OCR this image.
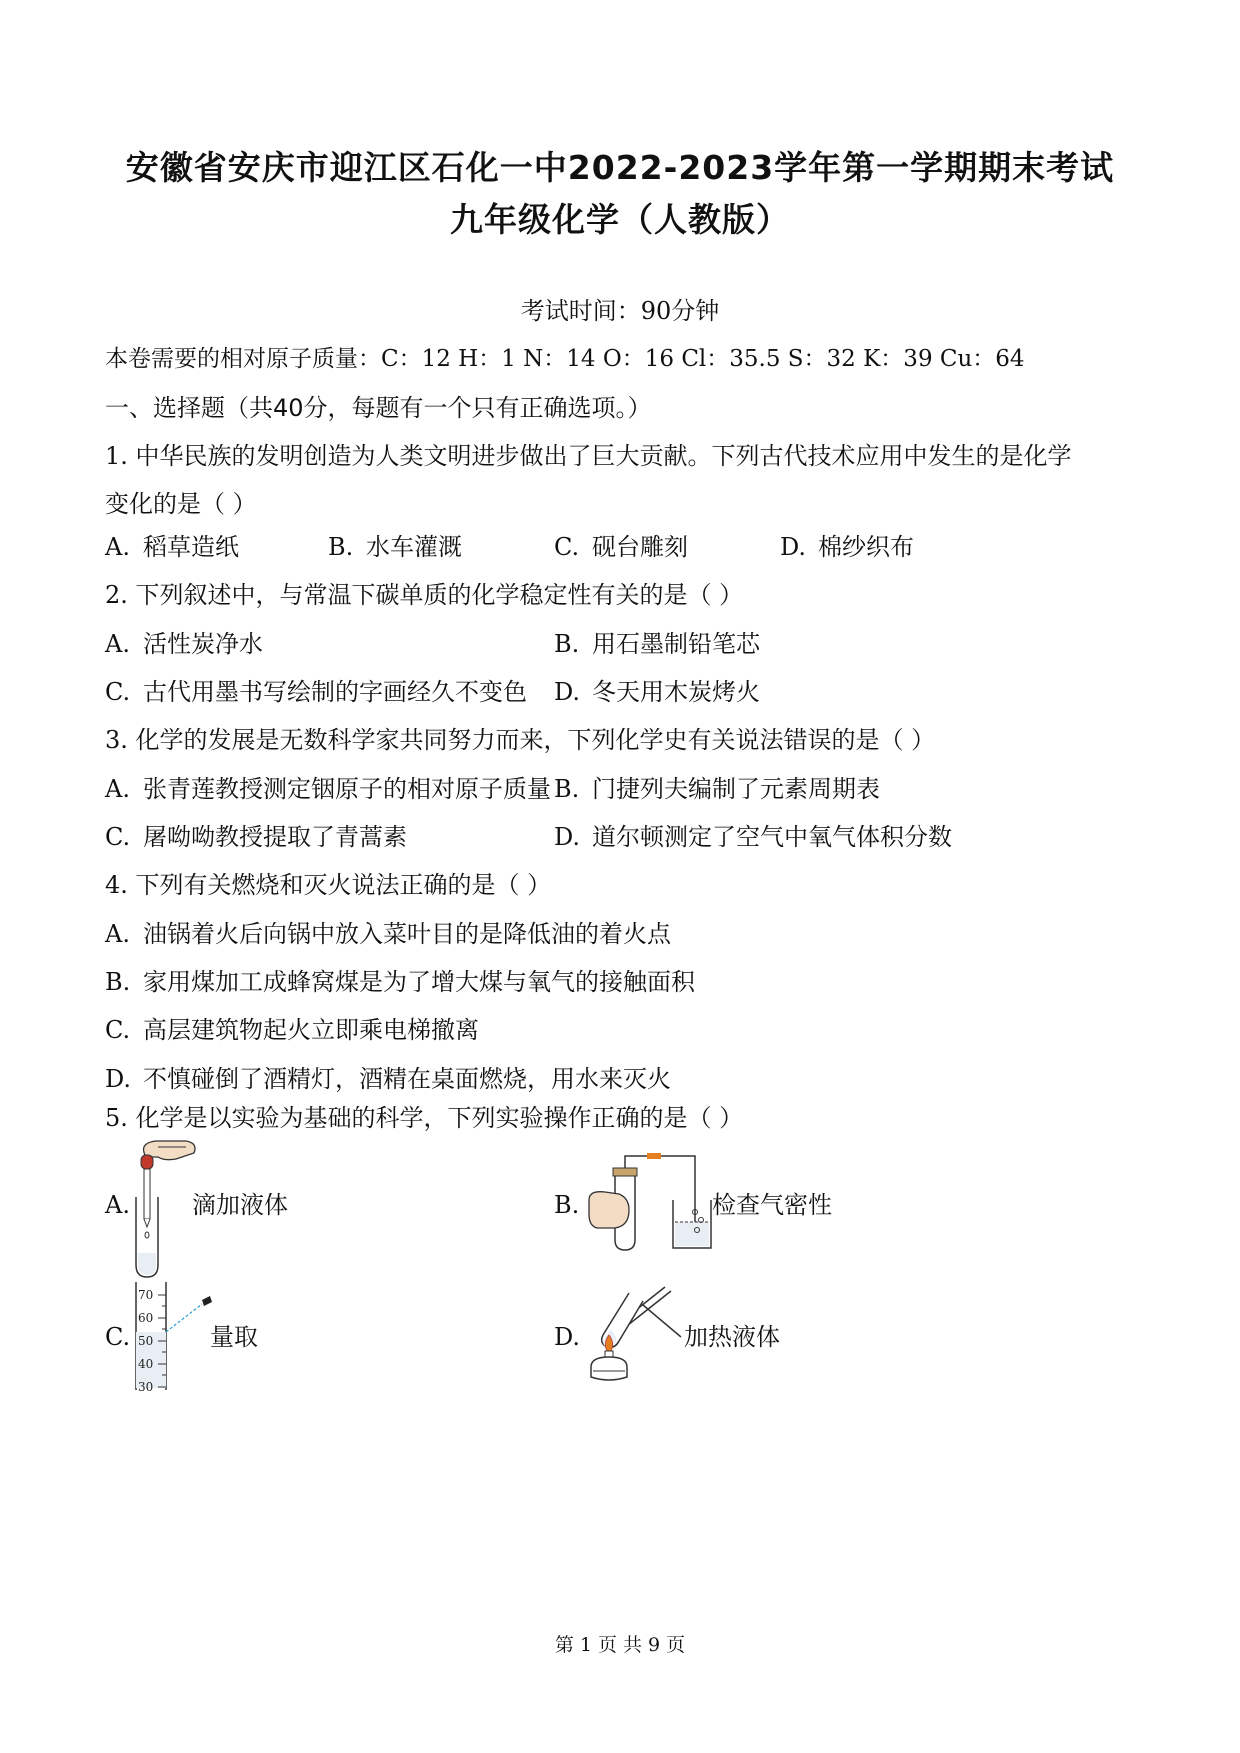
安徽省安庆市迎江区石化一中2022-2023学年第一学期期末考试
九年级化学（人教版）
考试时间：90分钟
本卷需要的相对原子质量：C：12 H：1 N：14 O：16 Cl：35.5 S：32 K：39 Cu：64
一、选择题（共40分，每题有一个只有正确选项。）
1. 中华民族的发明创造为人类文明进步做出了巨大贡献。下列古代技术应用中发生的是化学
变化的是（ ）
A. 稻草造纸	B. 水车灌溉	C. 砚台雕刻	D. 棉纱织布
2. 下列叙述中，与常温下碳单质的化学稳定性有关的是（ ）
A. 活性炭净水	B. 用石墨制铅笔芯
C. 古代用墨书写绘制的字画经久不变色 D. 冬天用木炭烤火
3. 化学的发展是无数科学家共同努力而来，下列化学史有关说法错误的是（ ）
A. 张青莲教授测定铟原子的相对原子质量 B. 门捷列夫编制了元素周期表
C. 屠呦呦教授提取了青蒿素	D. 道尔顿测定了空气中氧气体积分数
4. 下列有关燃烧和灭火说法正确的是（ ）
A. 油锅着火后向锅中放入菜叶目的是降低油的着火点
B. 家用煤加工成蜂窝煤是为了增大煤与氧气的接触面积
C. 高层建筑物起火立即乘电梯撤离
D. 不慎碰倒了酒精灯，酒精在桌面燃烧，用水来灭火
5. 化学是以实验为基础的科学，下列实验操作正确的是（ ）
A.	滴加液体	B.	检查气密性
C.
70
60
50
40
30
量取	D.	加热液体
第 1 页 共 9 页
